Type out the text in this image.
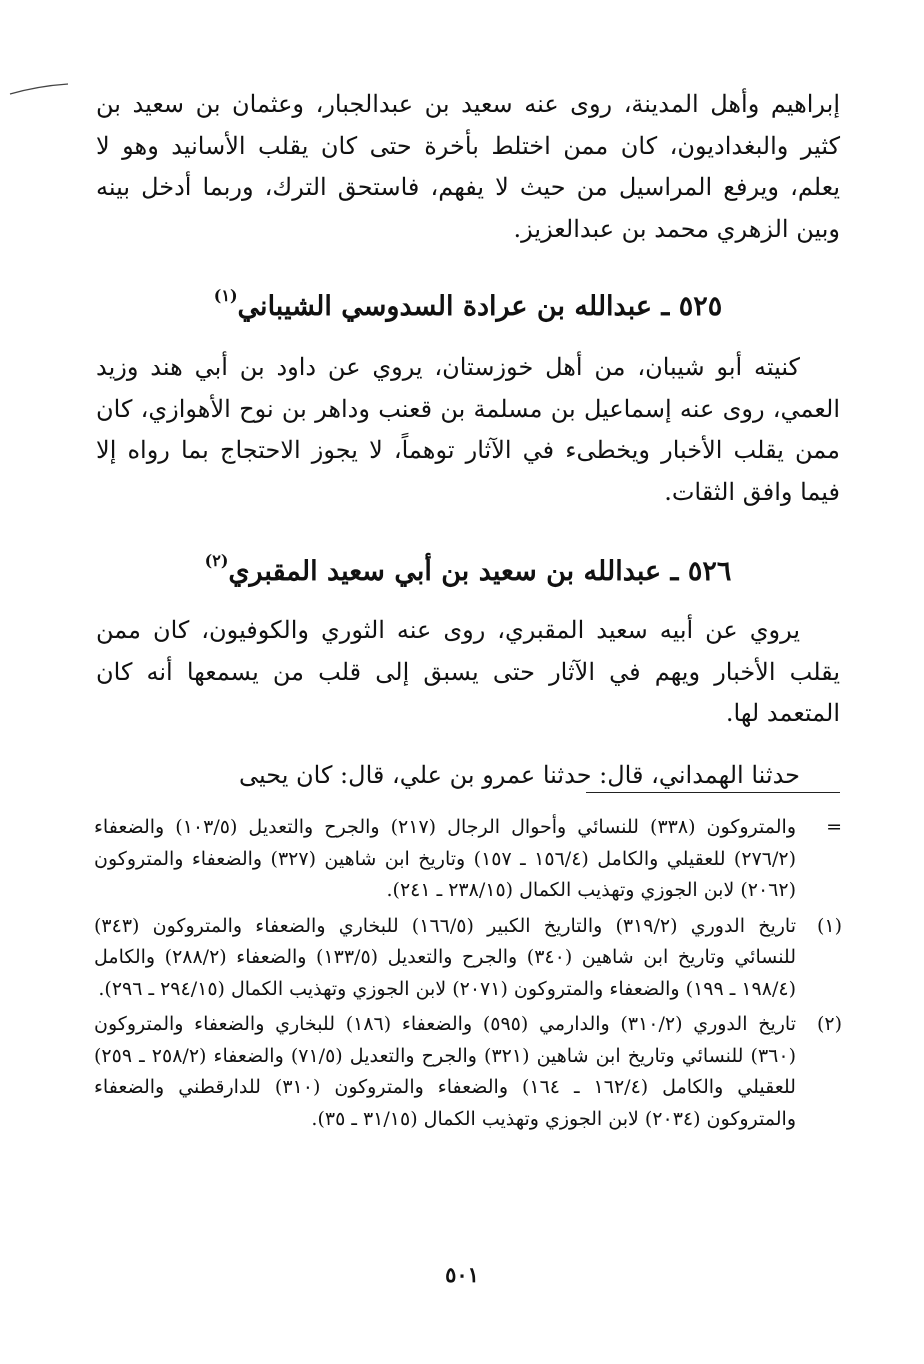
إبراهيم وأهل المدينة، روى عنه سعيد بن عبدالجبار، وعثمان بن سعيد بن كثير والبغداديون، كان ممن اختلط بأخرة حتى كان يقلب الأسانيد وهو لا يعلم، ويرفع المراسيل من حيث لا يفهم، فاستحق الترك، وربما أدخل بينه وبين الزهري محمد بن عبدالعزيز.

٥٢٥ ـ عبدالله بن عرادة السدوسي الشيباني$^{(١)}$

كنيته أبو شيبان، من أهل خوزستان، يروي عن داود بن أبي هند وزيد العمي، روى عنه إسماعيل بن مسلمة بن قعنب وداهر بن نوح الأهوازي، كان ممن يقلب الأخبار ويخطىء في الآثار توهماً، لا يجوز الاحتجاج بما رواه إلا فيما وافق الثقات.

٥٢٦ ـ عبدالله بن سعيد بن أبي سعيد المقبري$^{(٢)}$

يروي عن أبيه سعيد المقبري، روى عنه الثوري والكوفيون، كان ممن يقلب الأخبار ويهم في الآثار حتى يسبق إلى قلب من يسمعها أنه كان المتعمد لها.

حدثنا الهمداني، قال: حدثنا عمرو بن علي، قال: كان يحيى

=
والمتروكون (٣٣٨) للنسائي وأحوال الرجال (٢١٧) والجرح والتعديل (١٠٣/٥) والضعفاء (٢٧٦/٢) للعقيلي والكامل (١٥٦/٤ ـ ١٥٧) وتاريخ ابن شاهين (٣٢٧) والضعفاء والمتروكون (٢٠٦٢) لابن الجوزي وتهذيب الكمال (٢٣٨/١٥ ـ ٢٤١).
(١)
تاريخ الدوري (٣١٩/٢) والتاريخ الكبير (١٦٦/٥) للبخاري والضعفاء والمتروكون (٣٤٣) للنسائي وتاريخ ابن شاهين (٣٤٠) والجرح والتعديل (١٣٣/٥) والضعفاء (٢٨٨/٢) والكامل (١٩٨/٤ ـ ١٩٩) والضعفاء والمتروكون (٢٠٧١) لابن الجوزي وتهذيب الكمال (٢٩٤/١٥ ـ ٢٩٦).
(٢)
تاريخ الدوري (٣١٠/٢) والدارمي (٥٩٥) والضعفاء (١٨٦) للبخاري والضعفاء والمتروكون (٣٦٠) للنسائي وتاريخ ابن شاهين (٣٢١) والجرح والتعديل (٧١/٥) والضعفاء (٢٥٨/٢ ـ ٢٥٩) للعقيلي والكامل (١٦٢/٤ ـ ١٦٤) والضعفاء والمتروكون (٣١٠) للدارقطني والضعفاء والمتروكون (٢٠٣٤) لابن الجوزي وتهذيب الكمال (٣١/١٥ ـ ٣٥).
٥٠١
